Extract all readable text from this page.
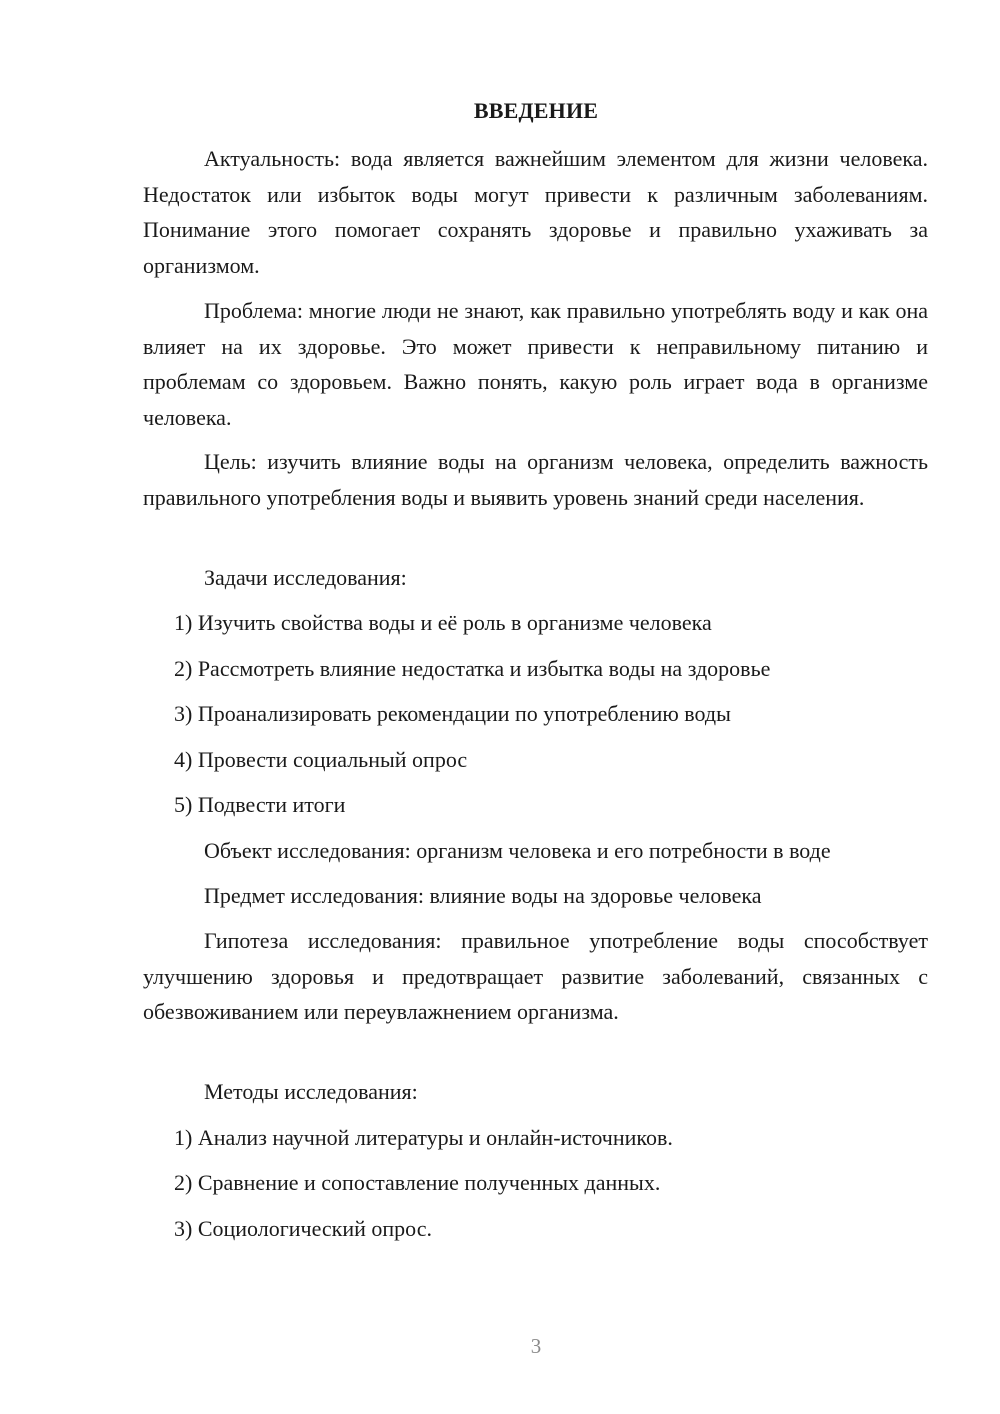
ВВЕДЕНИЕ

Актуальность: вода является важнейшим элементом для жизни человека. Недостаток или избыток воды могут привести к различным заболеваниям. Понимание этого помогает сохранять здоровье и правильно ухаживать за организмом.

Проблема: многие люди не знают, как правильно употреблять воду и как она влияет на их здоровье. Это может привести к неправильному питанию и проблемам со здоровьем. Важно понять, какую роль играет вода в организме человека.

Цель: изучить влияние воды на организм человека, определить важность правильного употребления воды и выявить уровень знаний среди населения.

Задачи исследования:

1) Изучить свойства воды и её роль в организме человека

2) Рассмотреть влияние недостатка и избытка воды на здоровье

3) Проанализировать рекомендации по употреблению воды

4) Провести социальный опрос

5) Подвести итоги

Объект исследования: организм человека и его потребности в воде

Предмет исследования: влияние воды на здоровье человека

Гипотеза исследования: правильное употребление воды способствует улучшению здоровья и предотвращает развитие заболеваний, связанных с обезвоживанием или переувлажнением организма.

Методы исследования:

1) Анализ научной литературы и онлайн-источников.

2) Сравнение и сопоставление полученных данных.

3) Социологический опрос.

3
